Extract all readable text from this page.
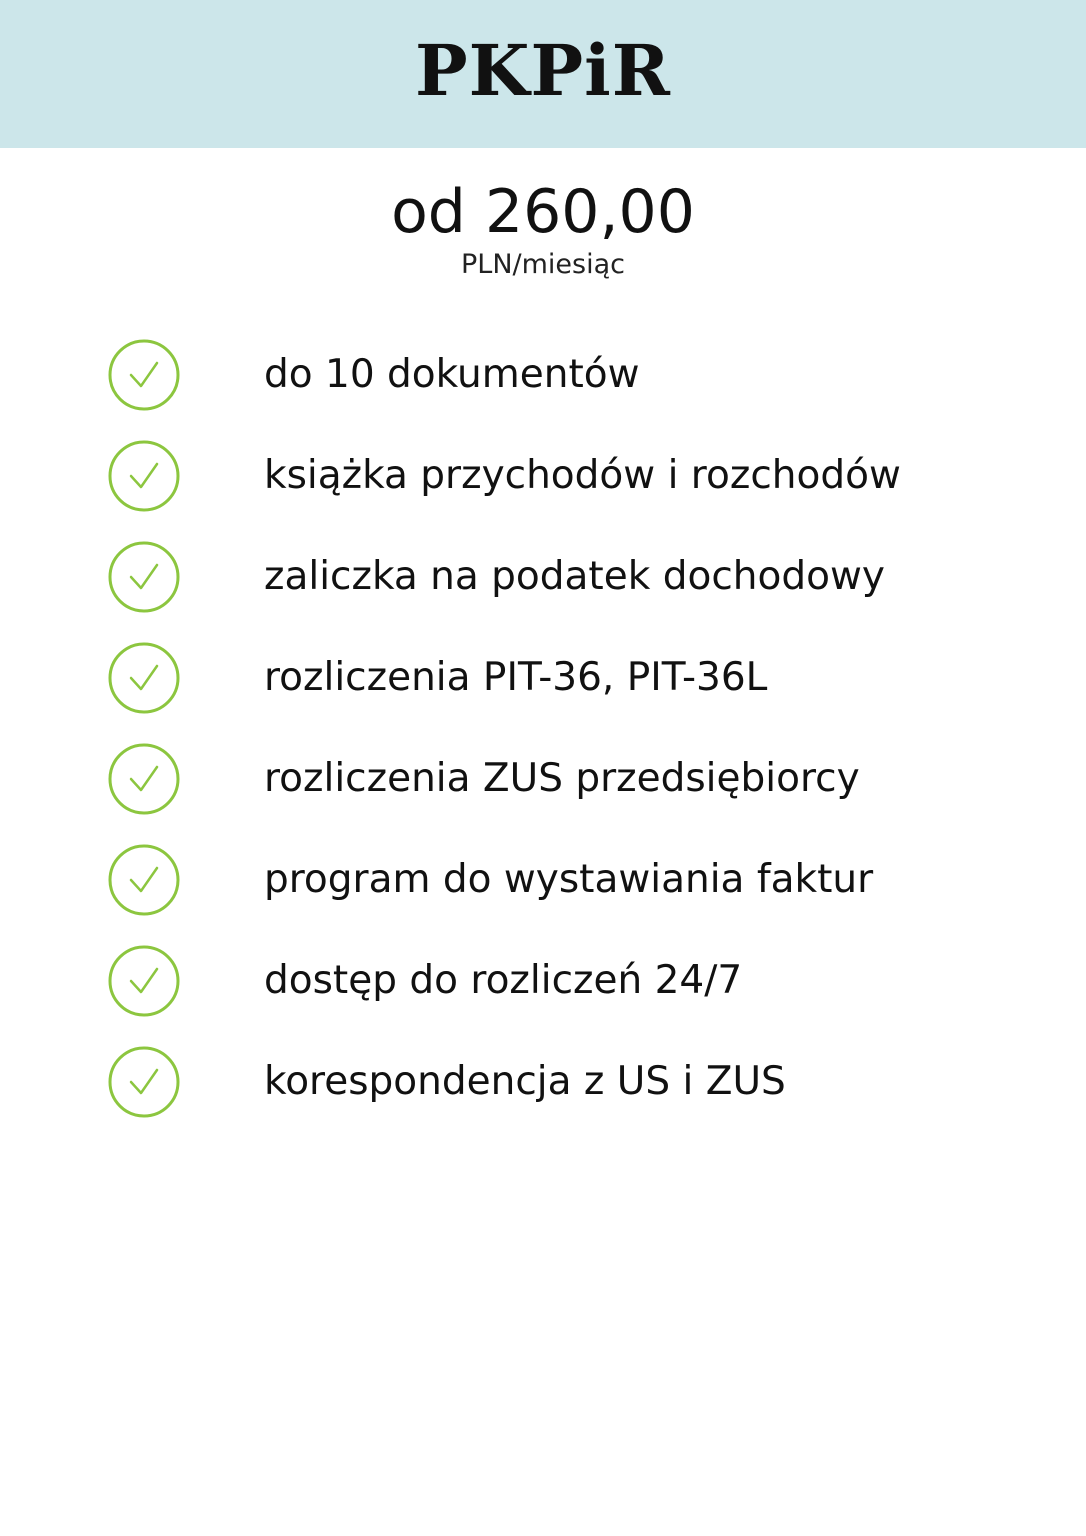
PKPiR
od 260,00
PLN/miesiąc
do 10 dokumentów
książka przychodów i rozchodów
zaliczka na podatek dochodowy
rozliczenia PIT-36, PIT-36L
rozliczenia ZUS przedsiębiorcy
program do wystawiania faktur
dostęp do rozliczeń 24/7
korespondencja z US i ZUS
